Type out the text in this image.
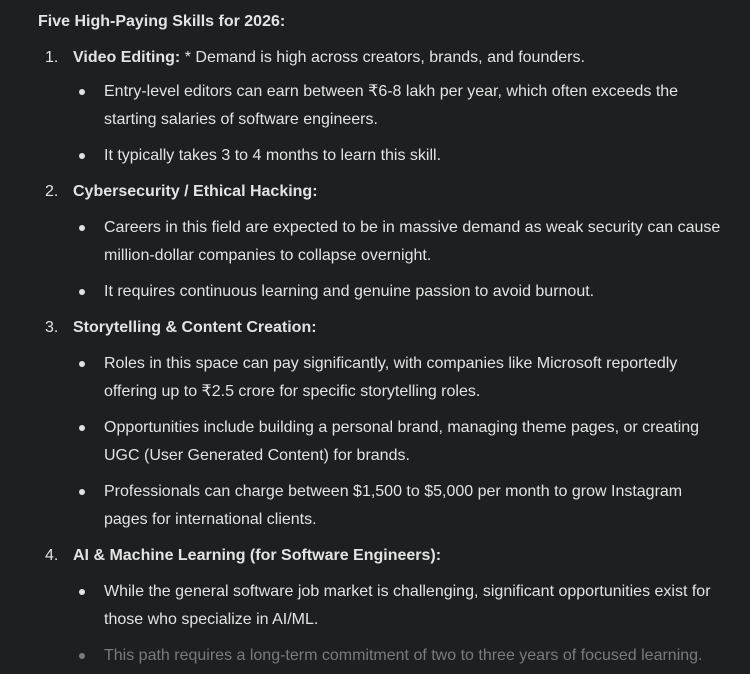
Five High-Paying Skills for 2026:
1. Video Editing: * Demand is high across creators, brands, and founders.
Entry-level editors can earn between ₹6-8 lakh per year, which often exceeds the starting salaries of software engineers.
It typically takes 3 to 4 months to learn this skill.
2. Cybersecurity / Ethical Hacking:
Careers in this field are expected to be in massive demand as weak security can cause million-dollar companies to collapse overnight.
It requires continuous learning and genuine passion to avoid burnout.
3. Storytelling & Content Creation:
Roles in this space can pay significantly, with companies like Microsoft reportedly offering up to ₹2.5 crore for specific storytelling roles.
Opportunities include building a personal brand, managing theme pages, or creating UGC (User Generated Content) for brands.
Professionals can charge between $1,500 to $5,000 per month to grow Instagram pages for international clients.
4. AI & Machine Learning (for Software Engineers):
While the general software job market is challenging, significant opportunities exist for those who specialize in AI/ML.
This path requires a long-term commitment of two to three years of focused learning.
